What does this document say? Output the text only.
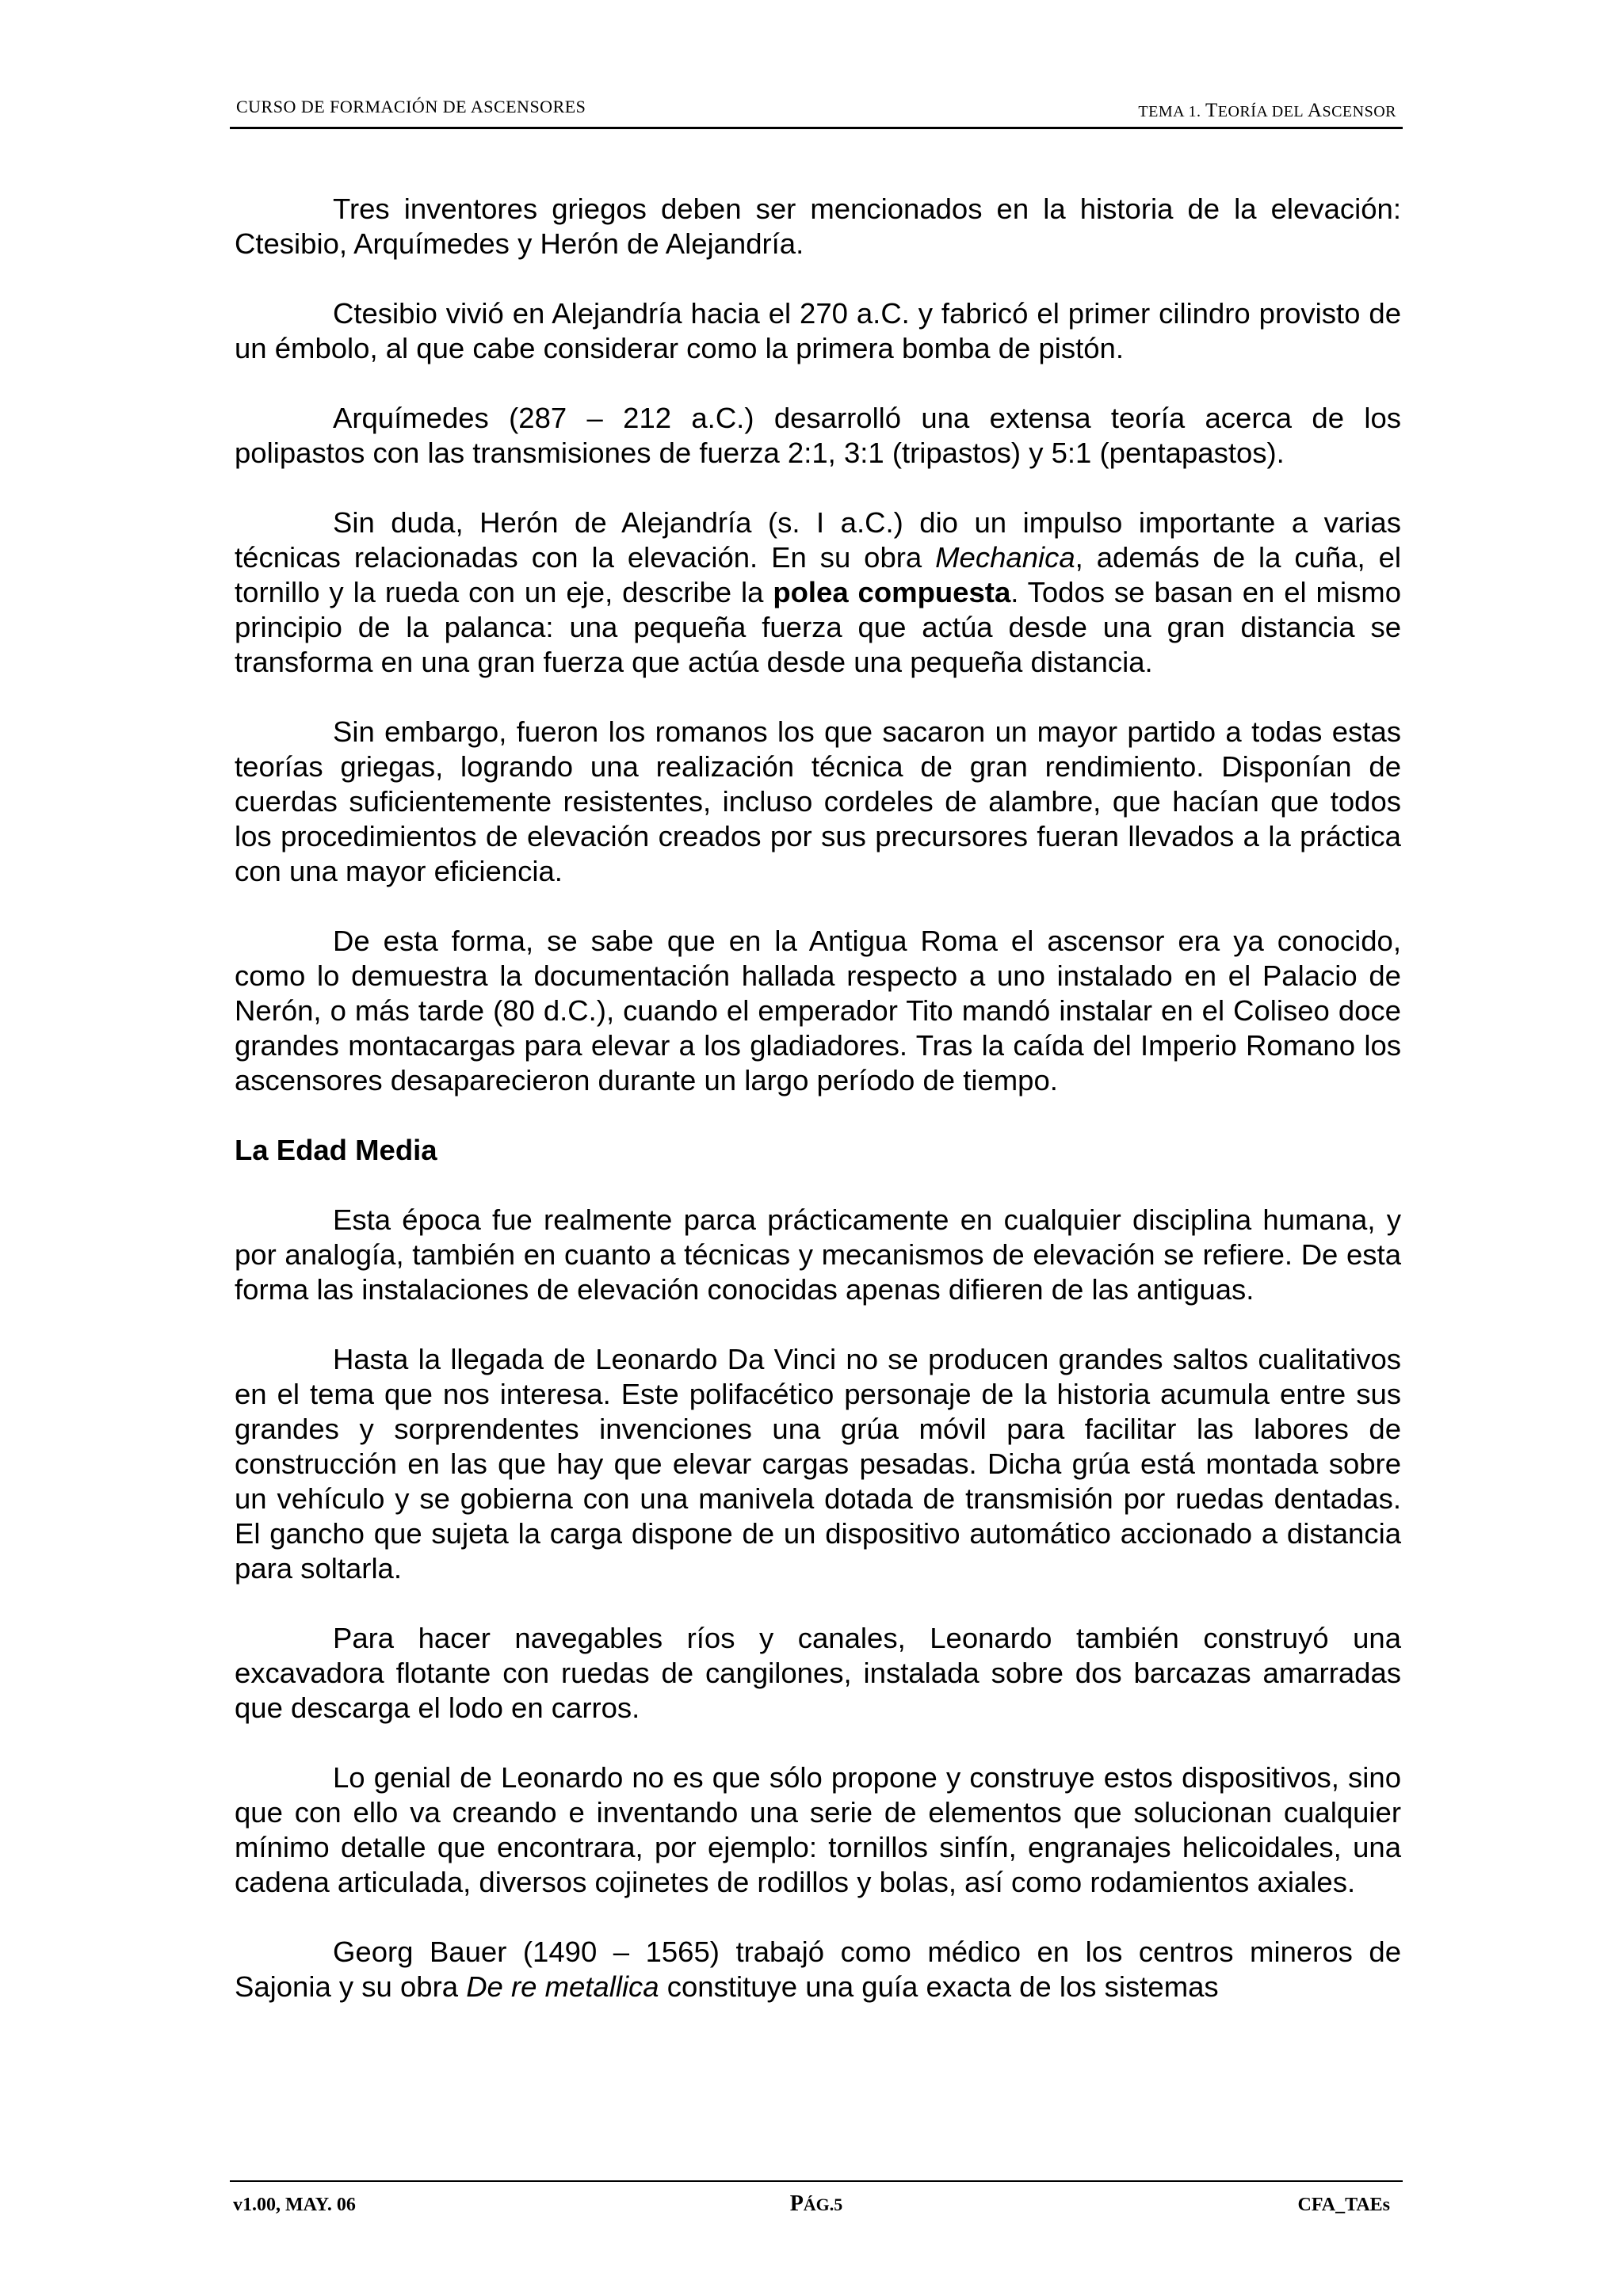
CURSO DE FORMACIÓN DE ASCENSORES	TEMA 1. TEORÍA DEL ASCENSOR

Tres inventores griegos deben ser mencionados en la historia de la elevación: Ctesibio, Arquímedes y Herón de Alejandría.

Ctesibio vivió en Alejandría hacia el 270 a.C. y fabricó el primer cilindro provisto de un émbolo, al que cabe considerar como la primera bomba de pistón.

Arquímedes (287 – 212 a.C.) desarrolló una extensa teoría acerca de los polipastos con las transmisiones de fuerza 2:1, 3:1 (tripastos) y 5:1 (pentapastos).

Sin duda, Herón de Alejandría (s. I a.C.) dio un impulso importante a varias técnicas relacionadas con la elevación. En su obra Mechanica, además de la cuña, el tornillo y la rueda con un eje, describe la polea compuesta. Todos se basan en el mismo principio de la palanca: una pequeña fuerza que actúa desde una gran distancia se transforma en una gran fuerza que actúa desde una pequeña distancia.

Sin embargo, fueron los romanos los que sacaron un mayor partido a todas estas teorías griegas, logrando una realización técnica de gran rendimiento. Disponían de cuerdas suficientemente resistentes, incluso cordeles de alambre, que hacían que todos los procedimientos de elevación creados por sus precursores fueran llevados a la práctica con una mayor eficiencia.

De esta forma, se sabe que en la Antigua Roma el ascensor era ya conocido, como lo demuestra la documentación hallada respecto a uno instalado en el Palacio de Nerón, o más tarde (80 d.C.), cuando el emperador Tito mandó instalar en el Coliseo doce grandes montacargas para elevar a los gladiadores. Tras la caída del Imperio Romano los ascensores desaparecieron durante un largo período de tiempo.

La Edad Media

Esta época fue realmente parca prácticamente en cualquier disciplina humana, y por analogía, también en cuanto a técnicas y mecanismos de elevación se refiere. De esta forma las instalaciones de elevación conocidas apenas difieren de las antiguas.

Hasta la llegada de Leonardo Da Vinci no se producen grandes saltos cualitativos en el tema que nos interesa. Este polifacético personaje de la historia acumula entre sus grandes y sorprendentes invenciones una grúa móvil para facilitar las labores de construcción en las que hay que elevar cargas pesadas. Dicha grúa está montada sobre un vehículo y se gobierna con una manivela dotada de transmisión por ruedas dentadas. El gancho que sujeta la carga dispone de un dispositivo automático accionado a distancia para soltarla.

Para hacer navegables ríos y canales, Leonardo también construyó una excavadora flotante con ruedas de cangilones, instalada sobre dos barcazas amarradas que descarga el lodo en carros.

Lo genial de Leonardo no es que sólo propone y construye estos dispositivos, sino que con ello va creando e inventando una serie de elementos que solucionan cualquier mínimo detalle que encontrara, por ejemplo: tornillos sinfín, engranajes helicoidales, una cadena articulada, diversos cojinetes de rodillos y bolas, así como rodamientos axiales.

Georg Bauer (1490 – 1565) trabajó como médico en los centros mineros de Sajonia y su obra De re metallica constituye una guía exacta de los sistemas

v1.00, MAY. 06	PÁG.5	CFA_TAEs
